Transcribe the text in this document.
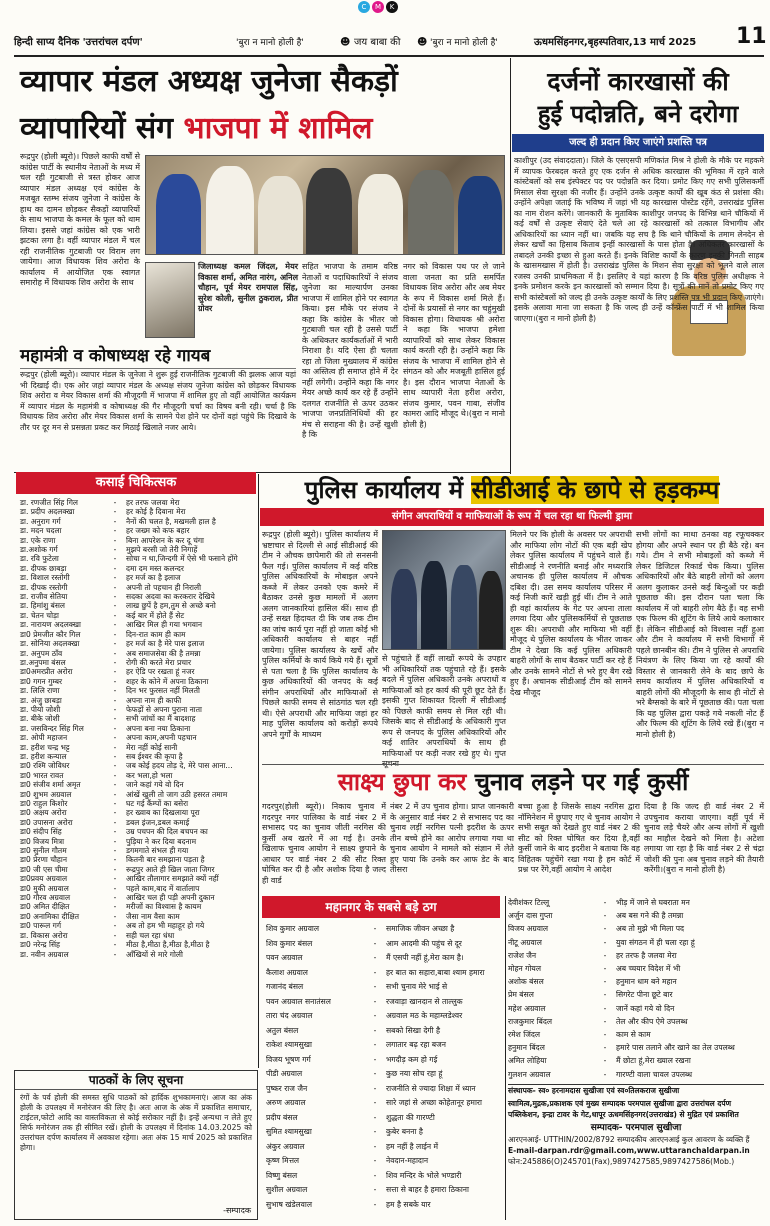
C	M	K
हिन्दी साप्य दैनिक 'उत्तरांचल दर्पण'	'बुरा न मानो होली है'	☻ जय बाबा की ☻ 'बुरा न मानो होली है'	ऊधमसिंहनगर,बृहस्पतिवार,13 मार्च 2025 11
व्यापार मंडल अध्यक्ष जुनेजा सैकड़ों
व्यापारियों संग भाजपा में शामिल
रूद्रपुर (होली ब्यूरो)। पिछले काफी वर्षों से कांग्रेस पार्टी के स्थानीय नेताओं के मध्य में चल रही गुटबाजी से त्रस्त होकर आज व्यापार मंडल अध्यक्ष एवं कांग्रेस के मजबूत स्तम्भ संजय जुनेजा ने कांग्रेस के हाथ का दामन छोड़कर सैकड़ों व्यापारियों के साथ भाजपा के कमल के फूल को थाम लिया। इससे जहां कांग्रेस को एक भारी झटका लगा है। वहीं व्यापार मंडल में चल रही राजनीतिक गुटबाजी पर विराम लग जायेगा। आज विधायक शिव अरोरा के कार्यालय में आयोजित एक स्वागत समारोह में विधायक शिव अरोरा के साथ
जिलाध्यक्ष कमल जिंदल, मेयर विकास शर्मा, अमित नारंग, अनिल चौहान, पूर्व मेयर रामपाल सिंह, सुरेश कोली, सुनील ठुकराल, प्रीत ग्रोवर
सहित भाजपा के तमाम वरिष्ठ नेताओं व पदाधिकारियों ने संजय जुनेजा का माल्यार्पण उनका भाजपा में शामिल होने पर स्वागत किया। इस मौके पर संजय ने कहा कि कांग्रेस के भीतर जो गुटबाजी चल रही है उससे पार्टी के अधिकतर कार्यकर्ताओं में भारी निराशा है। यदि ऐसा ही चलता रहा तो जिला मुख्यालय में कांग्रेस का अस्तित्व ही समाप्त होने में देर नहीं लगेगी। उन्होंने कहा कि नगर मेयर अच्छे कार्य कर रहे हैं उन्होंने दलगत राजनीति से ऊपर उठकर भाजपा जनप्रतिनिधियों की हर मंच से सराहना की है। उन्हें खुशी है कि
नगर को विकास पथ पर ले जाने वाला जनता का प्रति समर्पित विधायक शिव अरोरा और अब मेयर के रूप में विकास शर्मा मिले हैं। दोनों के प्रयासों से नगर का चहुंमुखी विकास होगा। विधायक श्री अरोरा ने कहा कि भाजपा हमेशा व्यापारियों को साथ लेकर विकास कार्य करती रही है। उन्होंने कहा कि संजय के भाजपा में शामिल होने से संगठन को और मजबूती हासिल हुई है। इस दौरान भाजपा नेताओं के साथ व्यापारी नेता हरीश अरोरा, संजय कुमार, पवन गाबा, संजीव कामरा आदि मौजूद थे।(बुरा न मानो होली है)
महामंत्री व कोषाध्यक्ष रहे गायब
रूद्रपुर (होली ब्यूरो)। व्यापार मंडल के जुनेजा ने शुरू हुई राजनीतिक गुटबाजी की झलक आज यहां भी दिखाई दी। एक ओर जहां व्यापार मंडल के अध्यक्ष संजय जुनेजा कांग्रेस को छोड़कर विधायक शिव अरोरा व मेयर विकास शर्मा की मौजूदगी में भाजपा में शामिल हुए तो वहीं आयोजित कार्यक्रम में व्यापार मंडल के महामंत्री व कोषाध्यक्ष की गैर मौजूदगी चर्चा का विषय बनी रही। चर्चा है कि विधायक शिव अरोरा और मेयर विकास शर्मा के सामने पेश होने पर दोनों वहां पहुंचे कि दिखावे के तौर पर दूर मन से प्रसन्नता प्रकट कर मिठाई खिलाते नजर आये।
दर्जनों कारखासों की
हुई पदोन्नति, बने दरोगा
जल्द ही प्रदान किए जाएंगे प्रशस्ति पत्र
काशीपुर (उद संवाददाता)। जिले के एसएसपी मणिकांत मिश्र ने होली के मौके पर महकमे में व्यापक फेरबदल करते हुए एक दर्जन से अधिक कारखास की भूमिका में रहने वाले कांस्टेबलों को सब इंस्पेक्टर पद पर पदोन्नति कर दिया। प्रमोट किए गए सभी पुलिसकर्मी मिसाल सेवा सुरक्षा की नजीर हैं। उन्होंने उनके उत्कृष्ट कार्यों की खूब कंठ से प्रशंसा की। उन्होंने अपेक्षा जताई कि भविष्य में जहां भी यह कारखास पोस्टेड रहेंगे, उत्तराखंड पुलिस का नाम रोशन करेंगे। जानकारी के मुताबिक काशीपुर जनपद के विभिन्न थाने चौकियों में कई वर्षों से उत्कृष्ट सेवाएं देते चले आ रहे कारखासों को तत्काल विभागीय और अधिकारियों का ध्यान नहीं था। जबकि यह सच है कि थाने चौकियों के तमाम लेनदेन से लेकर खर्चों का हिसाब किताब इन्हीं कारखासों के पास होता है। अधिकतर कारखासों के तबादले उनकी इच्छा से हुआ करते हैं। इनके विशिष्ट कार्यों के कारण इनकी गिनती साहब के खासमखास में होती है। उत्तराखंड पुलिस के मिशन सेवा सुरक्षा को भूलने वाले लाल रजस्व उनकी प्राथमिकता में है। इसलिए वे यहां कारण है कि वरिष्ठ पुलिस अधीक्षक ने इनके प्रमोशन करके इन कारखासों को सम्मान दिया है। सूत्रों की मानें तो प्रमोट किए गए सभी कांस्टेबलों को जल्द ही उनके उत्कृष्ट कार्यों के लिए प्रशस्ति पत्र भी प्रदान किए जाएंगे। इसके अलावा माना जा सकता है कि जल्द ही उन्हें कॉन्फ्रेंस पार्टी में भी शामिल किया जाएगा।(बुरा न मानो होली है)
पुलिस कार्यालय में सीडीआई के छापे से हड़कम्प
संगीन अपराधियों व माफियाओं के रूप में चल रहा था फिल्मी ड्रामा
रूद्रपुर (होली ब्यूरो)। पुलिस कार्यालय में भ्रष्टाचार से दिल्ली से आई सीडीआई की टीम ने औचक छापेमारी की तो सनसनी फैल गई। पुलिस कार्यालय में कई वरिष्ठ पुलिस अधिकारियों के मोबाइल अपने कब्जे में लेकर उनको एक कमरे में बैठाकर उनसे कुछ मामलों में अलग अलग जानकारियां हासिल कीं। साथ ही उन्हें सख्त हिदायत दी कि जब तक टीम का जांच कार्य पूरा नहीं हो जाता कोई भी अधिकारी कार्यालय से बाहर नहीं जायेगा। पुलिस कार्यालय के खर्चे और पुलिस कर्मियों के कार्य किये गये हैं। सूत्रों से पता चला है कि पुलिस कार्यालय के कुछ अधिकारियों की जनपद के कई संगीन अपराधियों और माफियाओं से पिछले काफी समय से सांठगांठ चल रही थी। ऐसे अपराधी और माफिया जहां हर माह पुलिस कार्यालय को करोड़ों रूपये अपने गुर्गों के माध्यम
से पहुंचाते हैं वहीं लाखों रूपये के उपहार भी अधिकारियों तक पहुंचाते रहे हैं। इसके बदले में पुलिस अधिकारी उनके अपराधों व माफियाओं को हर कार्य की पूरी छूट देते हैं। इसकी गुप्त शिकायत दिल्ली में सीडीआई को पिछले काफी समय से मिल रही थी। जिसके बाद से सीडीआई के अधिकारी गुप्त रूप से जनपद के पुलिस अधिकारियों और कई शातिर अपराधियों के साथ ही माफियाओं पर कड़ी नजर रखे हुए थे। गुप्त सूचना
मिलने पर कि होली के अवसर पर अपराधी और माफिया लोग नोटों की एक बड़ी खेप लेकर पुलिस कार्यालय में पहुंचने वाले हैं। सीडीआई ने रणनीति बनाई और मध्यरात्रि अचानक ही पुलिस कार्यालय में औचक दबिश दी। उस समय कार्यालय परिसर में कई निजी कारें खड़ी हुई थीं। टीम ने आते ही वहां कार्यालय के गेट पर अपना ताला लगवा दिया और पुलिसकर्मियों से पूछताछ शुरू की। अपराधी और माफिया भी वहीं मौजूद थे पुलिस कार्यालय के भीतर जाकर टीम ने देखा कि कई पुलिस अधिकारी बाहरी लोगों के साथ बैठकर पार्टी कर रहे हैं और उनके सामने नोटों से भरे हुए बैग रखे हुए हैं। अचानक सीडीआई टीम को सामने देख मौजूद
सभी लोगों का माथा ठनका वह रफूचक्कर होगया और अपने स्थान पर ही बैठे रहे। बन गये। टीम ने सभी मोबाइलों को कब्जे में लेकर डिजिटल रिकार्ड चेक किया। पुलिस अधिकारियों और बैठे बाहरी लोगों को अलग अलग कुलाकर उनसे कई बिन्दुओं पर कड़ी पूछताछ की। इस दौरान पता चला कि कार्यालय में जो बाहरी लोग बैठे हैं। वह सभी एक फिल्म की शूटिंग के लिये आये कलाकार हैं। लेकिन सीडीआई को विश्वास नहीं हुआ और टीम ने कार्यालय में सभी विभागों में पहले छानबीन की। टीम ने पुलिस से अपराधि नियंत्रण के लिए किया जा रहे कार्यों की विस्तार से जानकारी लेने के बाद छापे के समय कार्यालय में पुलिस अधिकारियों व बाहरी लोगों की मौजूदगी के साथ ही नोटों से भरे बैग्सको के बारे में पूछताछ की। पता चला कि यह पुलिस द्वारा पकड़े गये नकली नोट हैं और फिल्म की शूटिंग के लिये रखे हैं।(बुरा न मानो होली है)
साक्ष्य छुपा कर चुनाव लड़ने पर गई कुर्सी
गदरपुर(होली ब्यूरो)। निकाय चुनाव में गदरपुर नगर पालिका के वार्ड नंबर 2 में सभासद पद का चुनाव जीती नरगिस की कुर्सी अब खतरे में आ गई है। उनके खिलाफ चुनाव आयोग ने साक्ष्य छुपाने के आधार पर वार्ड नंबर 2 की सीट रिक्त घोषित कर दी है और अशोक दिया है जल्द ही वार्ड
नंबर 2 में उप चुनाव होगा। प्राप्त जानकारी के अनुसार वार्ड नंबर 2 से सभासद पद का चुनाव लड़ीं नरगिस पत्नी इदरीश के ऊपर तीन बच्चे होने का आरोप लगाया गया था चुनाव आयोग ने मामले को संज्ञान में लेते हुए पाया कि उनके कर आफ डेट के बाद तीसरा
बच्चा हुआ है जिसके साक्ष्य नरगिस द्वारा नॉमिनेशन में छुपाए गए थे चुनाव आयोग ने सभी सबूत को देखते हुए वार्ड नंबर 2 की सीट को रिक्त घोषित कर दिया है,वहीं कुर्सी जाने के बाद इदरीश ने बताया कि वह विहितक पहुंचेंगे रखा गया है हम कोर्ट में प्रश्न पर रेंगे,वहीं आयोग ने आदेश
दिया है कि जल्द ही वार्ड नंबर 2 में उपचुनाव कराया जाएगा। वहीं पूर्व में चुनाव लड़े चैयरे और अन्य लोगों में खुशी का माहौल देखने को मिला है। अटेशा लगाया जा रहा है कि वार्ड नंबर 2 से चंद्रा जोशी की पुनः अब चुनाव लड़ने की तैयारी करेंगी।(बुरा न मानो होली है)
कसाई चिकित्सक
डा. रणजीत सिंह गिल	-	हर तरफ जलवा मेरा
डा. प्रदीप अदलक्खा	-	हर कोई है दिवाना मेरा
डा. अनुराग गर्ग	-	नैनों की चलत है, मखमली हाल है
डा. मदन चदला	-	हर जख्म को कफ बहार
डा. एके राणा	-	बिना आपरेशन के कर दू चंगा
डा.अशोक गर्ग	-	मुझपे बरसी जो तेरी निगाहें
डा. रवि फुटेला	-	सोचा न था,जिन्दगी में ऐसे भी फसाने होंगे
डा. दीपक छाबड़ा	-	दमा दम मस्त कलन्दर
डा. विशाल रस्तोगी	-	हर मर्ज का है इलाज
डा. दीपक रस्तोगी	-	अपनी तो पहचान ही निराली
डा. राजीव सेतिया	-	सदका अदवा का करकरार देखिये
डा. हिमांशु बंसल	-	लाख छुपें है हम,तुम से अच्छे बनो
डा. चेतन चोड़ा	-	कई बार में होते हैं सेट
डा. नारायण अदलक्खा	-	आखिर मिल ही गया भगवान
डा0 प्रेमजीत कौर गिल	-	दिन-रात काम ही काम
डा. सोनिया अदलक्खा	-	हर मर्ज का है मेरे पास इलाज
डा. अनुपम ठाँव	-	अब समाजसेवा की है तमन्ना
डा.अनुपमा बंसल	-	रोगी की करते मेरा प्रचार
डा0अमरप्रीत अरोरा	-	हर ऐडि पर रखता हूं नजर
डा0 गगन गुम्बर	-	शहर के कोने में अपना ठिकाना
डा. लिलि राणा	-	दिन भर फुरसत नहीं मिलती
डा. अंजु छाबड़ा	-	अपना नाम ही काफी
डा. पीयो जोशी	-	फेफड़ों से अपना पुराना नाता
डा. बीके जोशी	-	सभी जांचों का मैं बादशाह
डा. जसविन्दर सिंह गिल	-	अपना बना नया ठिकाना
डा. ओपी महाजन	-	अपना काम,अपनी पहचान
डा. हरीश चन्द्र भट्ट	-	मेरा नहीं कोई सानी
डा. हरीश कन्याल	-	सब ईश्वर की कृपा है
डा0 रश्मि जोविधर	-	जब कोई हदय तोड़ दे, मेरे पास आना...
डा0 भारत रावत	-	कर भला,हो भला
डा0 संजीव शर्मा अमृत	-	जाने कहां गये वो दिन
डा0 शुभम अग्रवाल	-	आंखें खुली तो जाग उठी हसरत तमाम
डा0 राहुल किशोर	-	घट गई कैंम्पों का बसेरा
डा0 अक्षय अरोरा	-	हर ख्वाब का दिखलाया पूरा
डा0 उपासना अरोरा	-	डबल इंजन,डबल कमाई
डा0 संदीप सिंह	-	उम्र पचपन की दिल बचपन का
डा0 विजय मित्रा	-	पुड़िया ने कर दिया बदनाम
डा0 सुनील गौतम	-	डगमगाते संभल ही गया
डा0 प्रेरणा चौहान	-	कितनी बार समझाना पड़ता है
डा0 जी एस चीमा	-	रूद्रपुर आते ही खिल जाता जिगर
डा0प्रवय अग्रवाल	-	आखिर तौलागार समझाते क्यों नहीं
डा0 मुकी अग्रवाल	-	पहले काम,बाद में वार्तालाप
डा0 गौरव अग्रवाल	-	आखिर चल ही पड़ी अपनी दुकान
डा0 अमित दीक्षित	-	मरीजों का विश्वास है कायम
डा0 अनामिका दीक्षित	-	जैसा नाम वैसा काम
डा0 पारूल गर्ग	-	अब तो हम भी महाहूर हो गये
डा. विकास अरोरा	-	सही चल रहा धंधा
डा0 नरेन्द्र सिंह	-	मीठा है,मीठा है,मीठा है,मीठा है
डा. नवीन अग्रवाल	-	आँखियों से मारे गोली
पाठकों के लिए सूचना
रंगों के पर्व होली की समस्त सुधि पाठकों को हार्दिक शुभकामनाएं। आज का अंक होली के उपलक्ष्य में मनोरंजन की लिए है। अतः आज के अंक में प्रकाशित समाचार, टाईटल,फोटो आदि का वास्तविकता से कोई सरोकार नहीं है। इन्हें अन्यथा न लेते हुए सिर्फ मनोरंजन तक ही सीमित रखें। होली के उपलक्ष्य में दिनांक 14.03.2025 को उत्तरांचल दर्पण कार्यालय में अवकाश रहेगा। अतः अंक 15 मार्च 2025 को प्रकाशित होगा।
-सम्पादक
महानगर के सबसे बड़े ठग
शिव कुमार अग्रवाल	-	समाजिक जीवन अच्छा है
शिव कुमार बंसल	-	आम आदमी की पहुंच से दूर
पवन अग्रवाल	-	मैं एसपी नहीं हूं,मेरा काम है।
कैलाश अग्रवाल	-	हर बात का सहारा,बाबा श्याम हमारा
गजानंद बंसल	-	सभी चुनाव मेरे भाई से
पवन अग्रवाल सनातंसल	-	रजवाड़ा खानदान से ताल्लुक
तारा चंद अग्रवाल	-	अग्रवाल मठ के महाम्लडेश्वर
अतुल बंसल	-	सबको सिखा देगी है
राकेश श्यामसुखा	-	लगातार बढ़ रहा बजन
विजय भूषण गर्ग	-	भगदौड़ कम हो गई
पीडी अग्रवाल	-	कुछ नया सोच रहा हूं
पुष्कर राज जैन	-	राजनीति से ज्यादा शिक्षा में ध्यान
अरुण अग्रवाल	-	सारे जहां से अच्छा कोहेतानूर हमारा
प्रदीप बंसल	-	शुद्धता की गारण्टी
सुमित श्यामसुखा	-	कुबेर बनना है
अंकुर अग्रवाल	-	हम नहीं है लाईन में
कृष्ण मित्तल	-	नेवदान-महादान
विष्णु बंसल	-	शिव मन्दिर के भोले भण्डारी
सुशील अग्रवाल	-	सत्ता से बाहर है हमारा ठिकाना
सुभाष खंडेलवाल	-	हम है सबके यार
देवीशंकर टिल्लू	-	भीड़ में जाने से घबराता मन
अर्जुन दास गुप्ता	-	अब बस गने की है तमन्ना
विजय अग्रवाल	-	अब तो मुझे भी मिला पद
नीटू अग्रवाल	-	युवा संगठन में ही चला रहा हूं
राजेश जैन	-	हर तरफ है जलवा मेरा
मोहन गोयल	-	अब च्चयार विदेश में भी
अशोक बंसल	-	हनुमान धाम बने महान
प्रेम बंसल	-	सिगरेट पीना छूटे बार
महेश अग्रवाल	-	जानें कहां गये वो दिन
राजकुमार बिंदल	-	तेल और कीप ऐमे उपलब्ध
रमेश जिंदल	-	काम से काम
हनुमान बिंदल	-	हमारे पास तलाने और खाने का तेल उपलब्ध
अमित लोहिया	-	मैं छोटा हूं,मेरा ख्याल रखना
गुलशन अग्रवाल	-	गारण्टी वाला चावल उपलब्ध
संस्थापक- स्व० हरनामदास सुखीजा एवं स्व०तिलकराज सुखीजा
स्वामित्व,मुद्रक,प्रकाशक एवं मुख्य सम्पादक परमपाल सुखीजा द्वारा उत्तरांचल दर्पण पब्लिकेशन, इन्द्रा टावर के गेट,धापूर ऊधमसिंहनगर(उत्तराखंड) से मुद्रित एवं प्रकाशित
सम्पादक- परमपाल सुखीजा
आरएनआई- UTTHIN/2002/8792 सम्पादकीय आरएनआई कुल आवरण के व्यक्ति हैं
E-mail-darpan.rdr@gmail.com,www.uttaranchaldarpan.in
फोन:245886(O)245701(Fax),9897427585,9897427586(Mob.)
